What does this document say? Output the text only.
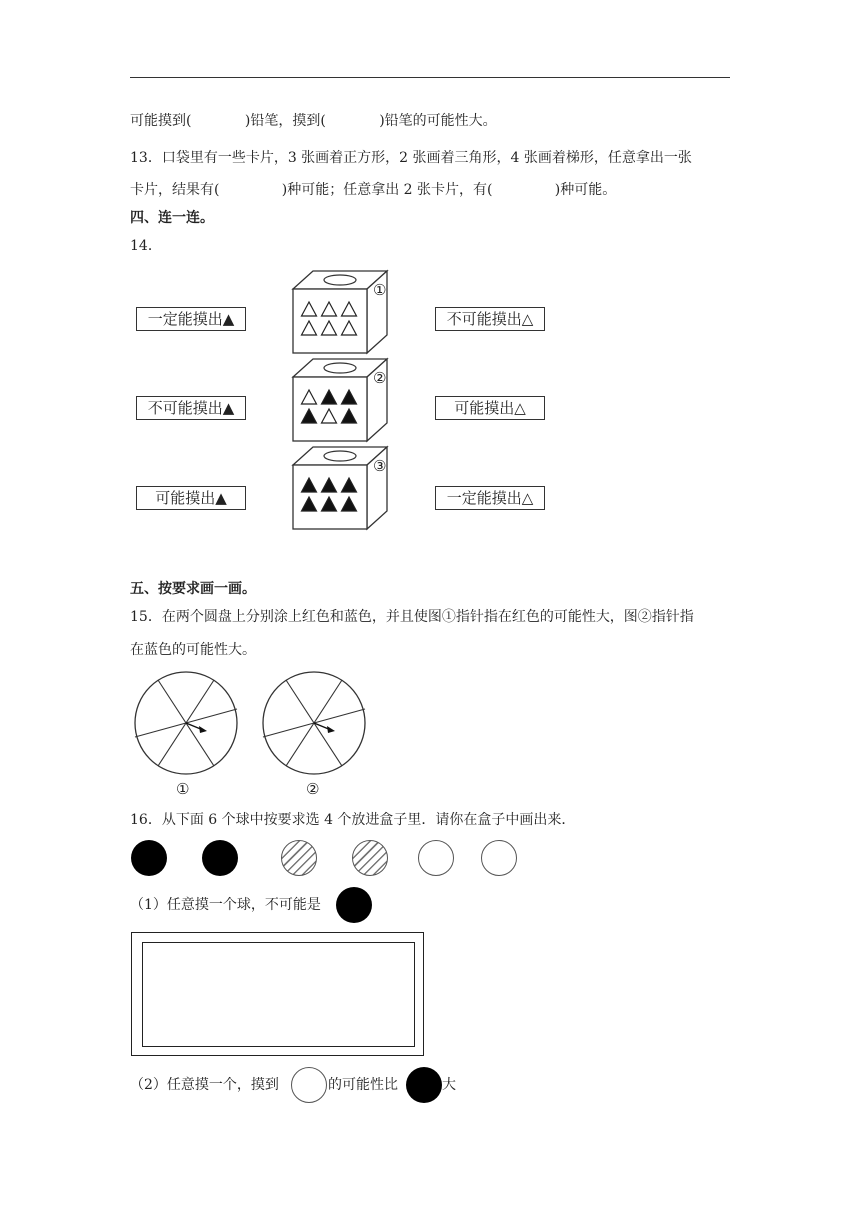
可能摸到(            )铅笔，摸到(            )铅笔的可能性大。
13．口袋里有一些卡片，3 张画着正方形，2 张画着三角形，4 张画着梯形，任意拿出一张
卡片，结果有(              )种可能；任意拿出 2 张卡片，有(              )种可能。
四、连一连。
14．
一定能摸出▲
不可能摸出▲
可能摸出▲
不可能摸出△
可能摸出△
一定能摸出△
①
②
③
五、按要求画一画。
15．在两个圆盘上分别涂上红色和蓝色，并且使图①指针指在红色的可能性大，图②指针指
在蓝色的可能性大。
①	②
16．从下面 6 个球中按要求选 4 个放进盒子里．请你在盒子中画出来．
（1）任意摸一个球，不可能是
（2）任意摸一个，摸到	的可能性比	大
